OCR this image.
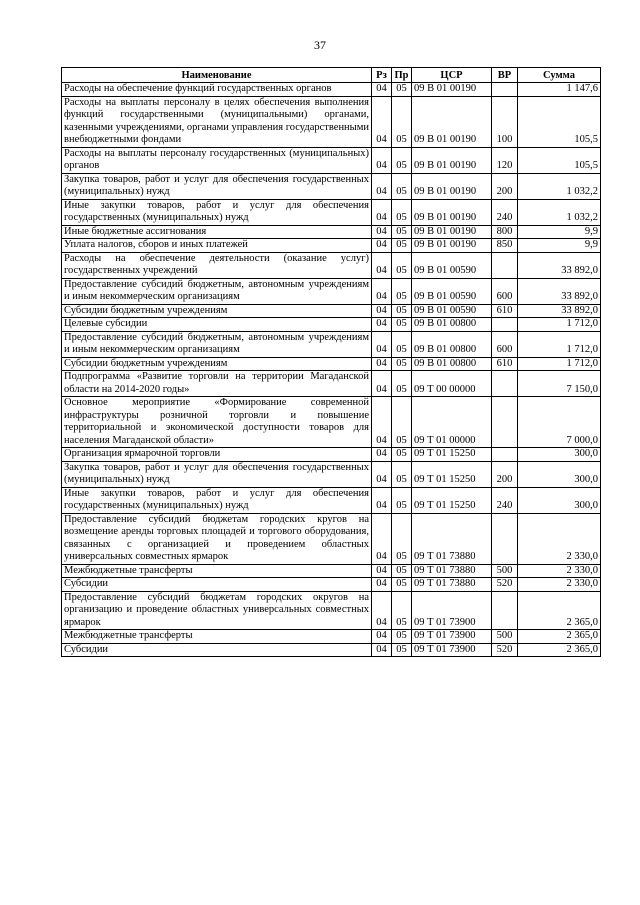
37
Наименование	Рз	Пр	ЦСР	ВР	Сумма
Расходы на обеспечение функций государственных органов	04	05	09 В 01 00190		1 147,6
Расходы на выплаты персоналу в целях обеспечения выполнения функций государственными (муниципальными) органами, казенными учреждениями, органами управления государственными внебюджетными фондами	04	05	09 В 01 00190	100	105,5
Расходы на выплаты персоналу государственных (муниципальных) органов	04	05	09 В 01 00190	120	105,5
Закупка товаров, работ и услуг для обеспечения государственных (муниципальных) нужд	04	05	09 В 01 00190	200	1 032,2
Иные закупки товаров, работ и услуг для обеспечения государственных (муниципальных) нужд	04	05	09 В 01 00190	240	1 032,2
Иные бюджетные ассигнования	04	05	09 В 01 00190	800	9,9
Уплата налогов, сборов и иных платежей	04	05	09 В 01 00190	850	9,9
Расходы на обеспечение деятельности (оказание услуг) государственных учреждений	04	05	09 В 01 00590		33 892,0
Предоставление субсидий бюджетным, автономным учреждениям и иным некоммерческим организациям	04	05	09 В 01 00590	600	33 892,0
Субсидии бюджетным учреждениям	04	05	09 В 01 00590	610	33 892,0
Целевые субсидии	04	05	09 В 01 00800		1 712,0
Предоставление субсидий бюджетным, автономным учреждениям и иным некоммерческим организациям	04	05	09 В 01 00800	600	1 712,0
Субсидии бюджетным учреждениям	04	05	09 В 01 00800	610	1 712,0
Подпрограмма «Развитие торговли на территории Магаданской области на 2014-2020 годы»	04	05	09 Т 00 00000		7 150,0
Основное мероприятие «Формирование современной инфраструктуры розничной торговли и повышение территориальной и экономической доступности товаров для населения Магаданской области»	04	05	09 Т 01 00000		7 000,0
Организация ярмарочной торговли	04	05	09 Т 01 15250		300,0
Закупка товаров, работ и услуг для обеспечения государственных (муниципальных) нужд	04	05	09 Т 01 15250	200	300,0
Иные закупки товаров, работ и услуг для обеспечения государственных (муниципальных) нужд	04	05	09 Т 01 15250	240	300,0
Предоставление субсидий бюджетам городских кругов на возмещение аренды торговых площадей и торгового оборудования, связанных с организацией и проведением областных универсальных совместных ярмарок	04	05	09 Т 01 73880		2 330,0
Межбюджетные трансферты	04	05	09 Т 01 73880	500	2 330,0
Субсидии	04	05	09 Т 01 73880	520	2 330,0
Предоставление субсидий бюджетам городских округов на организацию и проведение областных универсальных совместных ярмарок	04	05	09 Т 01 73900		2 365,0
Межбюджетные трансферты	04	05	09 Т 01 73900	500	2 365,0
Субсидии	04	05	09 Т 01 73900	520	2 365,0
